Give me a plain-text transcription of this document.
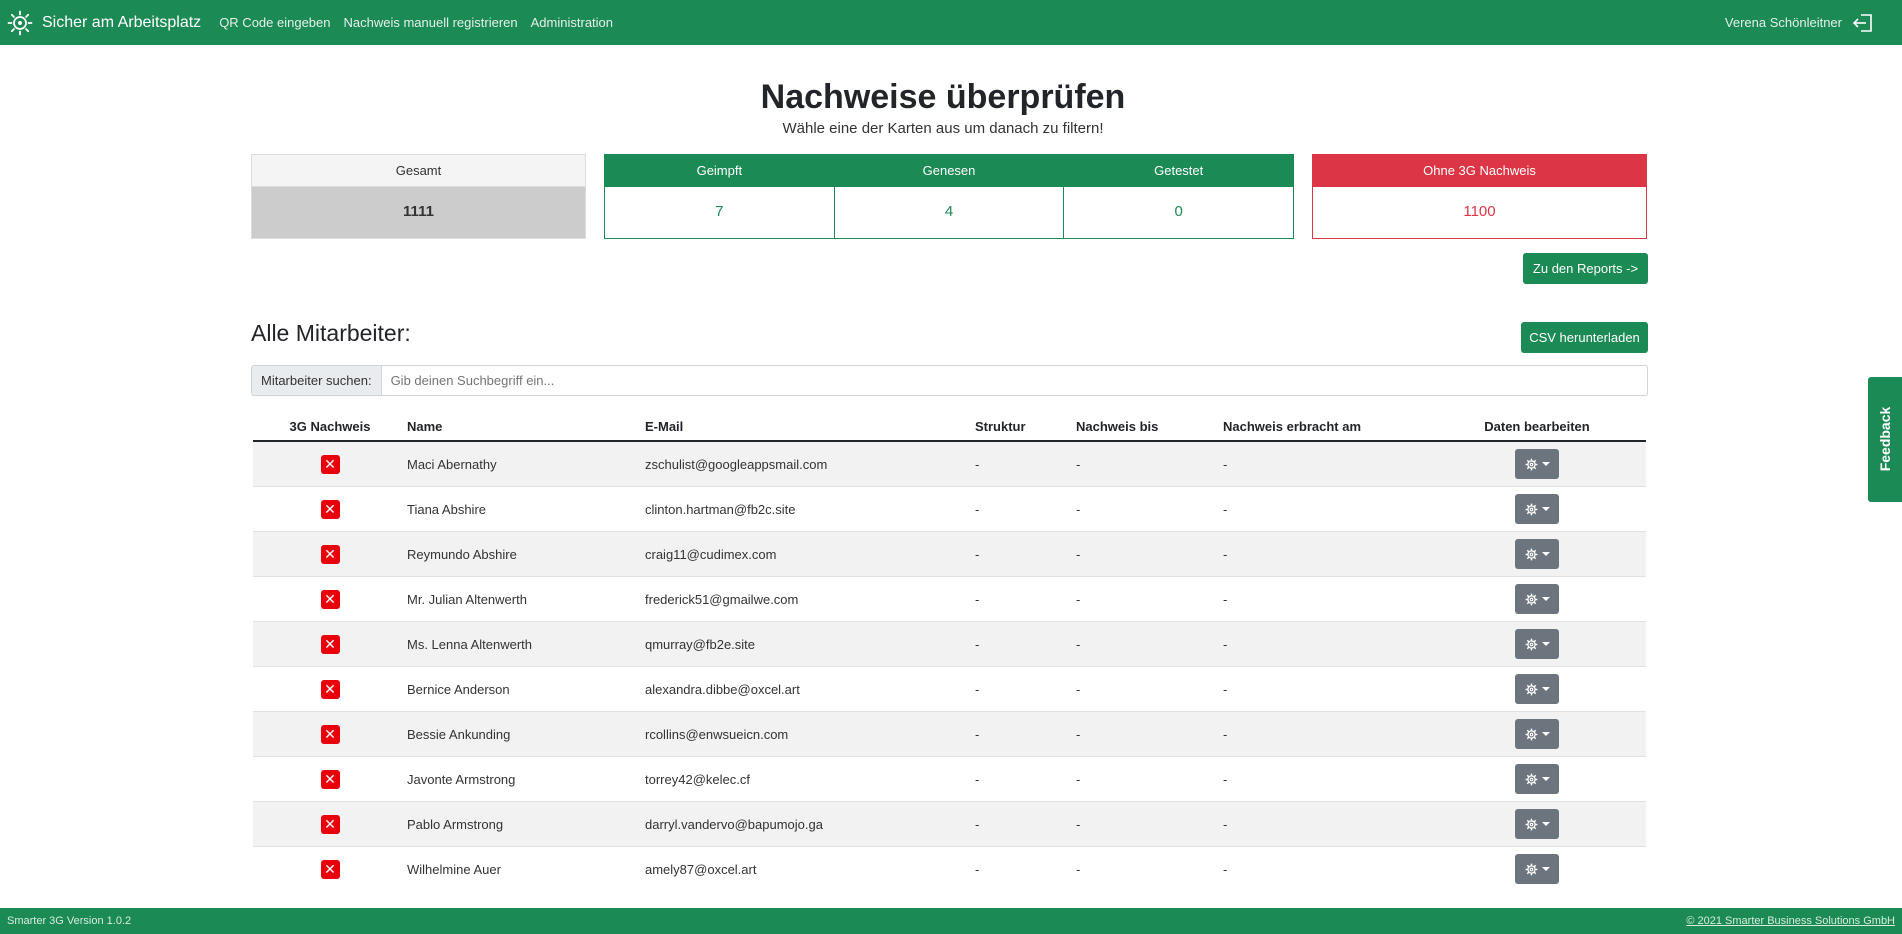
Sicher am Arbeitsplatz QR Code eingeben Nachweis manuell registrieren Administration	Verena Schönleitner
Nachweise überprüfen
Wähle eine der Karten aus um danach zu filtern!
Gesamt
1111
Geimpft
7
Genesen
4
Getestet
0
Ohne 3G Nachweis
1100
Zu den Reports ->
Alle Mitarbeiter:	CSV herunterladen
Mitarbeiter suchen:
Gib deinen Suchbegriff ein...
3G Nachweis	Name	E-Mail	Struktur	Nachweis bis	Nachweis erbracht am	Daten bearbeiten
✕	Maci Abernathy	zschulist@googleappsmail.com	-	-	-	

✕	Tiana Abshire	clinton.hartman@fb2c.site	-	-	-	

✕	Reymundo Abshire	craig11@cudimex.com	-	-	-	

✕	Mr. Julian Altenwerth	frederick51@gmailwe.com	-	-	-	

✕	Ms. Lenna Altenwerth	qmurray@fb2e.site	-	-	-	

✕	Bernice Anderson	alexandra.dibbe@oxcel.art	-	-	-	

✕	Bessie Ankunding	rcollins@enwsueicn.com	-	-	-	

✕	Javonte Armstrong	torrey42@kelec.cf	-	-	-	

✕	Pablo Armstrong	darryl.vandervo@bapumojo.ga	-	-	-	

✕	Wilhelmine Auer	amely87@oxcel.art	-	-	-	
Feedback
Smarter 3G Version 1.0.2	© 2021 Smarter Business Solutions GmbH
